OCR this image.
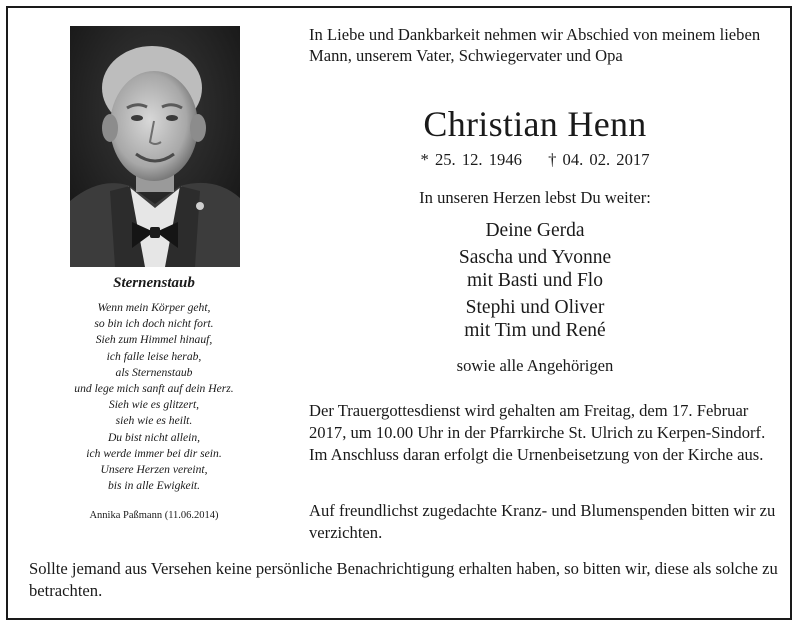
Sternenstaub
Wenn mein Körper geht,
so bin ich doch nicht fort.
Sieh zum Himmel hinauf,
ich falle leise herab,
als Sternenstaub
und lege mich sanft auf dein Herz.
Sieh wie es glitzert,
sieh wie es heilt.
Du bist nicht allein,
ich werde immer bei dir sein.
Unsere Herzen vereint,
bis in alle Ewigkeit.
Annika Paßmann (11.06.2014)
In Liebe und Dankbarkeit nehmen wir Abschied von meinem lieben Mann, unserem Vater, Schwiegervater und Opa
Christian Henn
* 25. 12. 1946 † 04. 02. 2017
In unseren Herzen lebst Du weiter:
Deine Gerda
Sascha und Yvonne
mit Basti und Flo
Stephi und Oliver
mit Tim und René
sowie alle Angehörigen
Der Trauergottesdienst wird gehalten am Freitag, dem 17. Februar 2017, um 10.00 Uhr in der Pfarrkirche St. Ulrich zu Kerpen-Sindorf. Im Anschluss daran erfolgt die Urnenbeisetzung von der Kirche aus.
Auf freundlichst zugedachte Kranz- und Blumenspenden bitten wir zu verzichten.
Sollte jemand aus Versehen keine persönliche Benachrichtigung erhalten haben, so bitten wir, diese als solche zu betrachten.
